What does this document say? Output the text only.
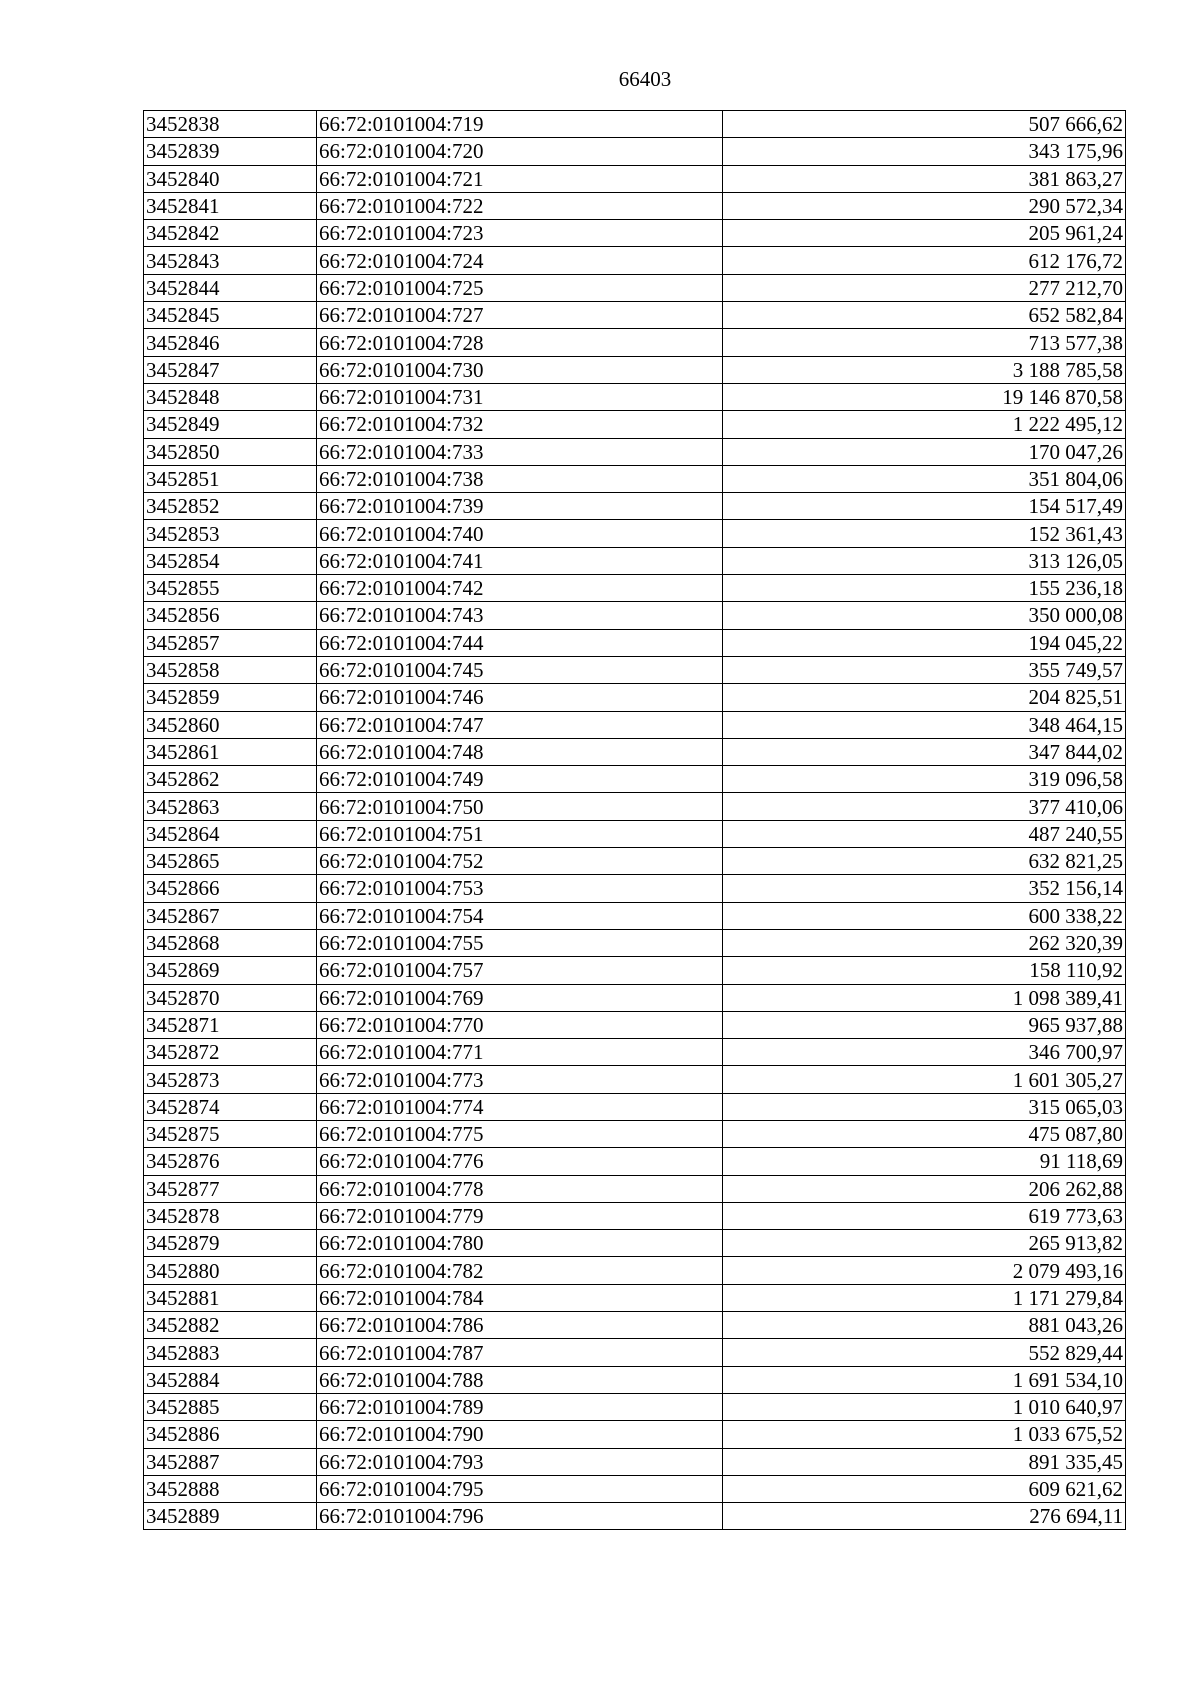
66403
3452838	66:72:0101004:719	507 666,62
3452839	66:72:0101004:720	343 175,96
3452840	66:72:0101004:721	381 863,27
3452841	66:72:0101004:722	290 572,34
3452842	66:72:0101004:723	205 961,24
3452843	66:72:0101004:724	612 176,72
3452844	66:72:0101004:725	277 212,70
3452845	66:72:0101004:727	652 582,84
3452846	66:72:0101004:728	713 577,38
3452847	66:72:0101004:730	3 188 785,58
3452848	66:72:0101004:731	19 146 870,58
3452849	66:72:0101004:732	1 222 495,12
3452850	66:72:0101004:733	170 047,26
3452851	66:72:0101004:738	351 804,06
3452852	66:72:0101004:739	154 517,49
3452853	66:72:0101004:740	152 361,43
3452854	66:72:0101004:741	313 126,05
3452855	66:72:0101004:742	155 236,18
3452856	66:72:0101004:743	350 000,08
3452857	66:72:0101004:744	194 045,22
3452858	66:72:0101004:745	355 749,57
3452859	66:72:0101004:746	204 825,51
3452860	66:72:0101004:747	348 464,15
3452861	66:72:0101004:748	347 844,02
3452862	66:72:0101004:749	319 096,58
3452863	66:72:0101004:750	377 410,06
3452864	66:72:0101004:751	487 240,55
3452865	66:72:0101004:752	632 821,25
3452866	66:72:0101004:753	352 156,14
3452867	66:72:0101004:754	600 338,22
3452868	66:72:0101004:755	262 320,39
3452869	66:72:0101004:757	158 110,92
3452870	66:72:0101004:769	1 098 389,41
3452871	66:72:0101004:770	965 937,88
3452872	66:72:0101004:771	346 700,97
3452873	66:72:0101004:773	1 601 305,27
3452874	66:72:0101004:774	315 065,03
3452875	66:72:0101004:775	475 087,80
3452876	66:72:0101004:776	91 118,69
3452877	66:72:0101004:778	206 262,88
3452878	66:72:0101004:779	619 773,63
3452879	66:72:0101004:780	265 913,82
3452880	66:72:0101004:782	2 079 493,16
3452881	66:72:0101004:784	1 171 279,84
3452882	66:72:0101004:786	881 043,26
3452883	66:72:0101004:787	552 829,44
3452884	66:72:0101004:788	1 691 534,10
3452885	66:72:0101004:789	1 010 640,97
3452886	66:72:0101004:790	1 033 675,52
3452887	66:72:0101004:793	891 335,45
3452888	66:72:0101004:795	609 621,62
3452889	66:72:0101004:796	276 694,11
